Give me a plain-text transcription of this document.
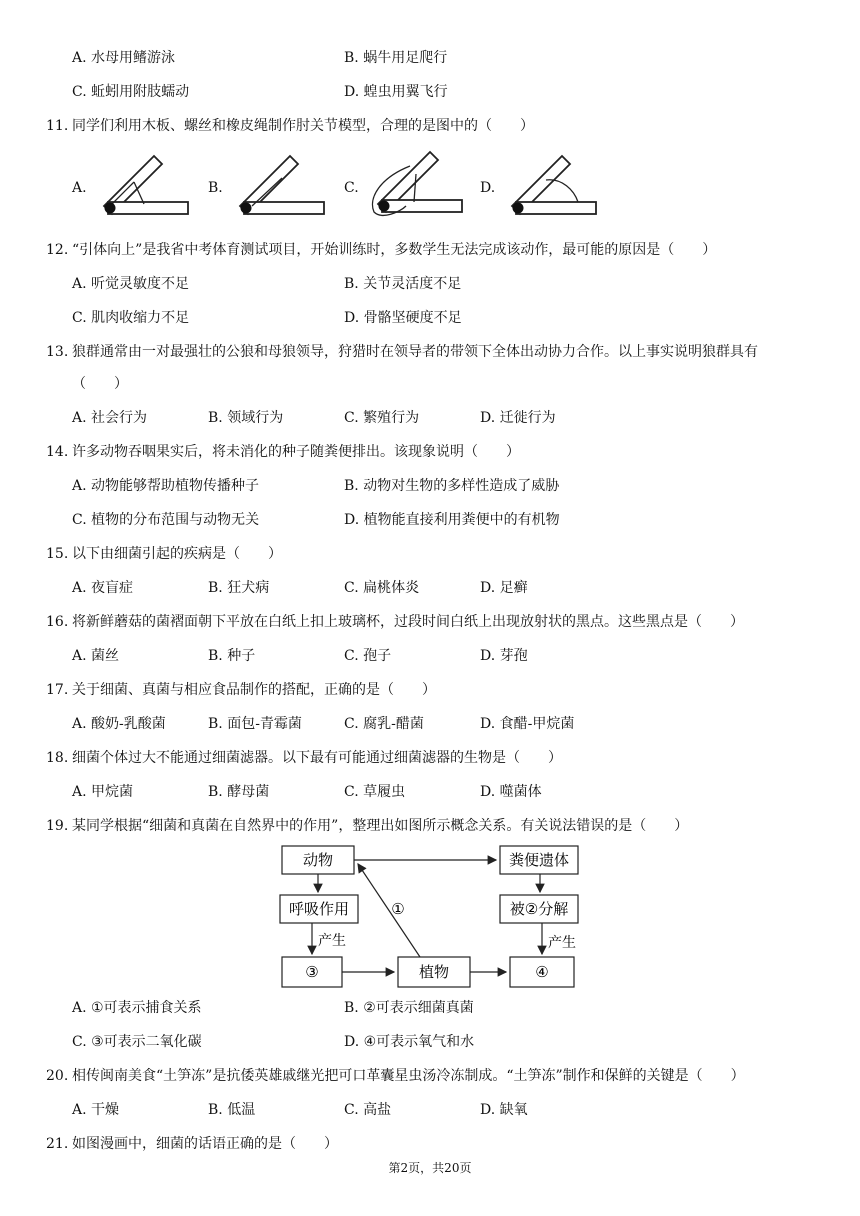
A. 水母用鳍游泳	B. 蜗牛用足爬行
C. 蚯蚓用附肢蠕动	D. 蝗虫用翼飞行
11. 同学们利用木板、螺丝和橡皮绳制作肘关节模型，合理的是图中的（　　）
A.	B.	C.	D.
12. “引体向上”是我省中考体育测试项目，开始训练时，多数学生无法完成该动作，最可能的原因是（　　）
A. 听觉灵敏度不足	B. 关节灵活度不足
C. 肌肉收缩力不足	D. 骨骼坚硬度不足
13. 狼群通常由一对最强壮的公狼和母狼领导，狩猎时在领导者的带领下全体出动协力合作。以上事实说明狼群具有
（　　）
A. 社会行为	B. 领域行为	C. 繁殖行为	D. 迁徙行为
14. 许多动物吞咽果实后，将未消化的种子随粪便排出。该现象说明（　　）
A. 动物能够帮助植物传播种子	B. 动物对生物的多样性造成了威胁
C. 植物的分布范围与动物无关	D. 植物能直接利用粪便中的有机物
15. 以下由细菌引起的疾病是（　　）
A. 夜盲症	B. 狂犬病	C. 扁桃体炎	D. 足癣
16. 将新鲜蘑菇的菌褶面朝下平放在白纸上扣上玻璃杯，过段时间白纸上出现放射状的黑点。这些黑点是（　　）
A. 菌丝	B. 种子	C. 孢子	D. 芽孢
17. 关于细菌、真菌与相应食品制作的搭配，正确的是（　　）
A. 酸奶-乳酸菌	B. 面包-青霉菌	C. 腐乳-醋菌	D. 食醋-甲烷菌
18. 细菌个体过大不能通过细菌滤器。以下最有可能通过细菌滤器的生物是（　　）
A. 甲烷菌	B. 酵母菌	C. 草履虫	D. 噬菌体
19. 某同学根据“细菌和真菌在自然界中的作用”，整理出如图所示概念关系。有关说法错误的是（　　）
动物
呼吸作用
③	植物
粪便遗体
被②分解
④
①
产生	产生
A. ①可表示捕食关系	B. ②可表示细菌真菌
C. ③可表示二氧化碳	D. ④可表示氧气和水
20. 相传闽南美食“土笋冻”是抗倭英雄戚继光把可口革囊星虫汤冷冻制成。“土笋冻”制作和保鲜的关键是（　　）
A. 干燥	B. 低温	C. 高盐	D. 缺氧
21. 如图漫画中，细菌的话语正确的是（　　）
第2页，共20页
